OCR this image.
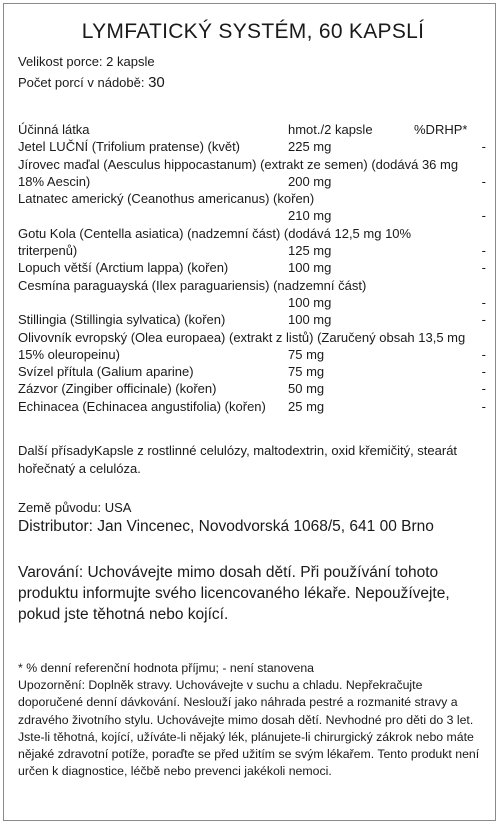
LYMFATICKÝ SYSTÉM, 60 KAPSLÍ
Velikost porce: 2 kapsle
Počet porcí v nádobě: 30
Účinná látka	hmot./2 kapsle	%DRHP*
Jetel LUČNÍ (Trifolium pratense) (květ)	225 mg	-
Jírovec maďal (Aesculus hippocastanum) (extrakt ze semen) (dodává 36 mg
18% Aescin)	200 mg	-
Latnatec americký (Ceanothus americanus) (kořen)
210 mg	-
Gotu Kola (Centella asiatica) (nadzemní část) (dodává 12,5 mg 10%
triterpenů)	125 mg	-
Lopuch větší (Arctium lappa) (kořen)	100 mg	-
Cesmína paraguayská (Ilex paraguariensis) (nadzemní část)
100 mg	-
Stillingia (Stillingia sylvatica) (kořen)	100 mg	-
Olivovník evropský (Olea europaea) (extrakt z listů) (Zaručený obsah 13,5 mg
15% oleuropeinu)	75 mg	-
Svízel přítula (Galium aparine)	75 mg	-
Zázvor (Zingiber officinale) (kořen)	50 mg	-
Echinacea (Echinacea angustifolia) (kořen) 25 mg	-
Další přísadyKapsle z rostlinné celulózy, maltodextrin, oxid křemičitý, stearát hořečnatý a celulóza.
Země původu: USA
Distributor: Jan Vincenec, Novodvorská 1068/5, 641 00 Brno
Varování: Uchovávejte mimo dosah dětí. Při používání tohoto produktu informujte svého licencovaného lékaře. Nepoužívejte, pokud jste těhotná nebo kojící.

* % denní referenční hodnota příjmu; - není stanovena

Upozornění: Doplněk stravy. Uchovávejte v suchu a chladu. Nepřekračujte doporučené denní dávkování. Neslouží jako náhrada pestré a rozmanité stravy a zdravého životního stylu. Uchovávejte mimo dosah dětí. Nevhodné pro děti do 3 let. Jste-li těhotná, kojící, užíváte-li nějaký lék, plánujete-li chirurgický zákrok nebo máte nějaké zdravotní potíže, poraďte se před užitím se svým lékařem. Tento produkt není určen k diagnostice, léčbě nebo prevenci jakékoli nemoci.
